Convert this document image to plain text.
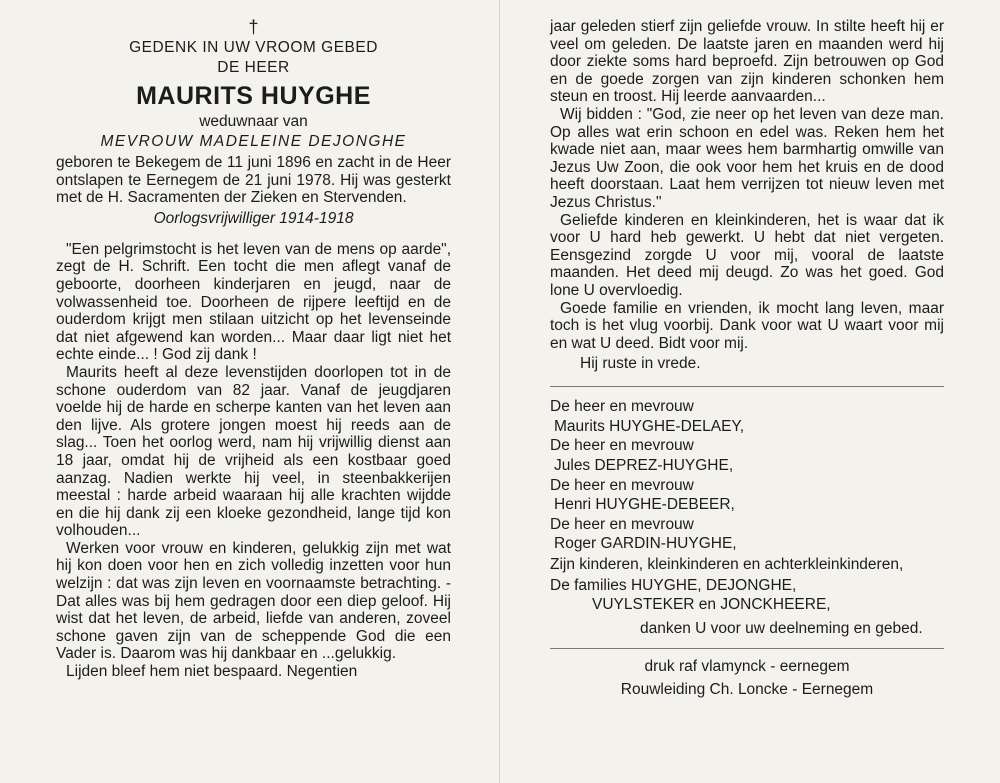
†
GEDENK IN UW VROOM GEBED
DE HEER
MAURITS HUYGHE
weduwnaar van
MEVROUW MADELEINE DEJONGHE

geboren te Bekegem de 11 juni 1896 en zacht in de Heer ontslapen te Eernegem de 21 juni 1978. Hij was gesterkt met de H. Sacramenten der Zieken en Stervenden.

Oorlogsvrijwilliger 1914-1918

"Een pelgrimstocht is het leven van de mens op aarde", zegt de H. Schrift. Een tocht die men aflegt vanaf de geboorte, doorheen kinderjaren en jeugd, naar de volwassenheid toe. Doorheen de rijpere leeftijd en de ouderdom krijgt men stilaan uitzicht op het levenseinde dat niet afgewend kan worden... Maar daar ligt niet het echte einde... ! God zij dank !

Maurits heeft al deze levenstijden doorlopen tot in de schone ouderdom van 82 jaar. Vanaf de jeugdjaren voelde hij de harde en scherpe kanten van het leven aan den lijve. Als grotere jongen moest hij reeds aan de slag... Toen het oorlog werd, nam hij vrijwillig dienst aan 18 jaar, omdat hij de vrijheid als een kostbaar goed aanzag. Nadien werkte hij veel, in steenbakkerijen meestal : harde arbeid waaraan hij alle krachten wijdde en die hij dank zij een kloeke gezondheid, lange tijd kon volhouden...

Werken voor vrouw en kinderen, gelukkig zijn met wat hij kon doen voor hen en zich volledig inzetten voor hun welzijn : dat was zijn leven en voornaamste betrachting. - Dat alles was bij hem gedragen door een diep geloof. Hij wist dat het leven, de arbeid, liefde van anderen, zoveel schone gaven zijn van de scheppende God die een Vader is. Daarom was hij dankbaar en ...gelukkig.

Lijden bleef hem niet bespaard. Negentien

jaar geleden stierf zijn geliefde vrouw. In stilte heeft hij er veel om geleden. De laatste jaren en maanden werd hij door ziekte soms hard beproefd. Zijn betrouwen op God en de goede zorgen van zijn kinderen schonken hem steun en troost. Hij leerde aanvaarden...

Wij bidden : "God, zie neer op het leven van deze man. Op alles wat erin schoon en edel was. Reken hem het kwade niet aan, maar wees hem barmhartig omwille van Jezus Uw Zoon, die ook voor hem het kruis en de dood heeft doorstaan. Laat hem verrijzen tot nieuw leven met Jezus Christus."

Geliefde kinderen en kleinkinderen, het is waar dat ik voor U hard heb gewerkt. U hebt dat niet vergeten. Eensgezind zorgde U voor mij, vooral de laatste maanden. Het deed mij deugd. Zo was het goed. God lone U overvloedig.

Goede familie en vrienden, ik mocht lang leven, maar toch is het vlug voorbij. Dank voor wat U waart voor mij en wat U deed. Bidt voor mij.

Hij ruste in vrede.
De heer en mevrouw
Maurits HUYGHE-DELAEY,
De heer en mevrouw
Jules DEPREZ-HUYGHE,
De heer en mevrouw
Henri HUYGHE-DEBEER,
De heer en mevrouw
Roger GARDIN-HUYGHE,
Zijn kinderen, kleinkinderen en achterkleinkinderen,
De families HUYGHE, DEJONGHE,
VUYLSTEKER en JONCKHEERE,
danken U voor uw deelneming en gebed.
druk raf vlamynck - eernegem
Rouwleiding Ch. Loncke - Eernegem
